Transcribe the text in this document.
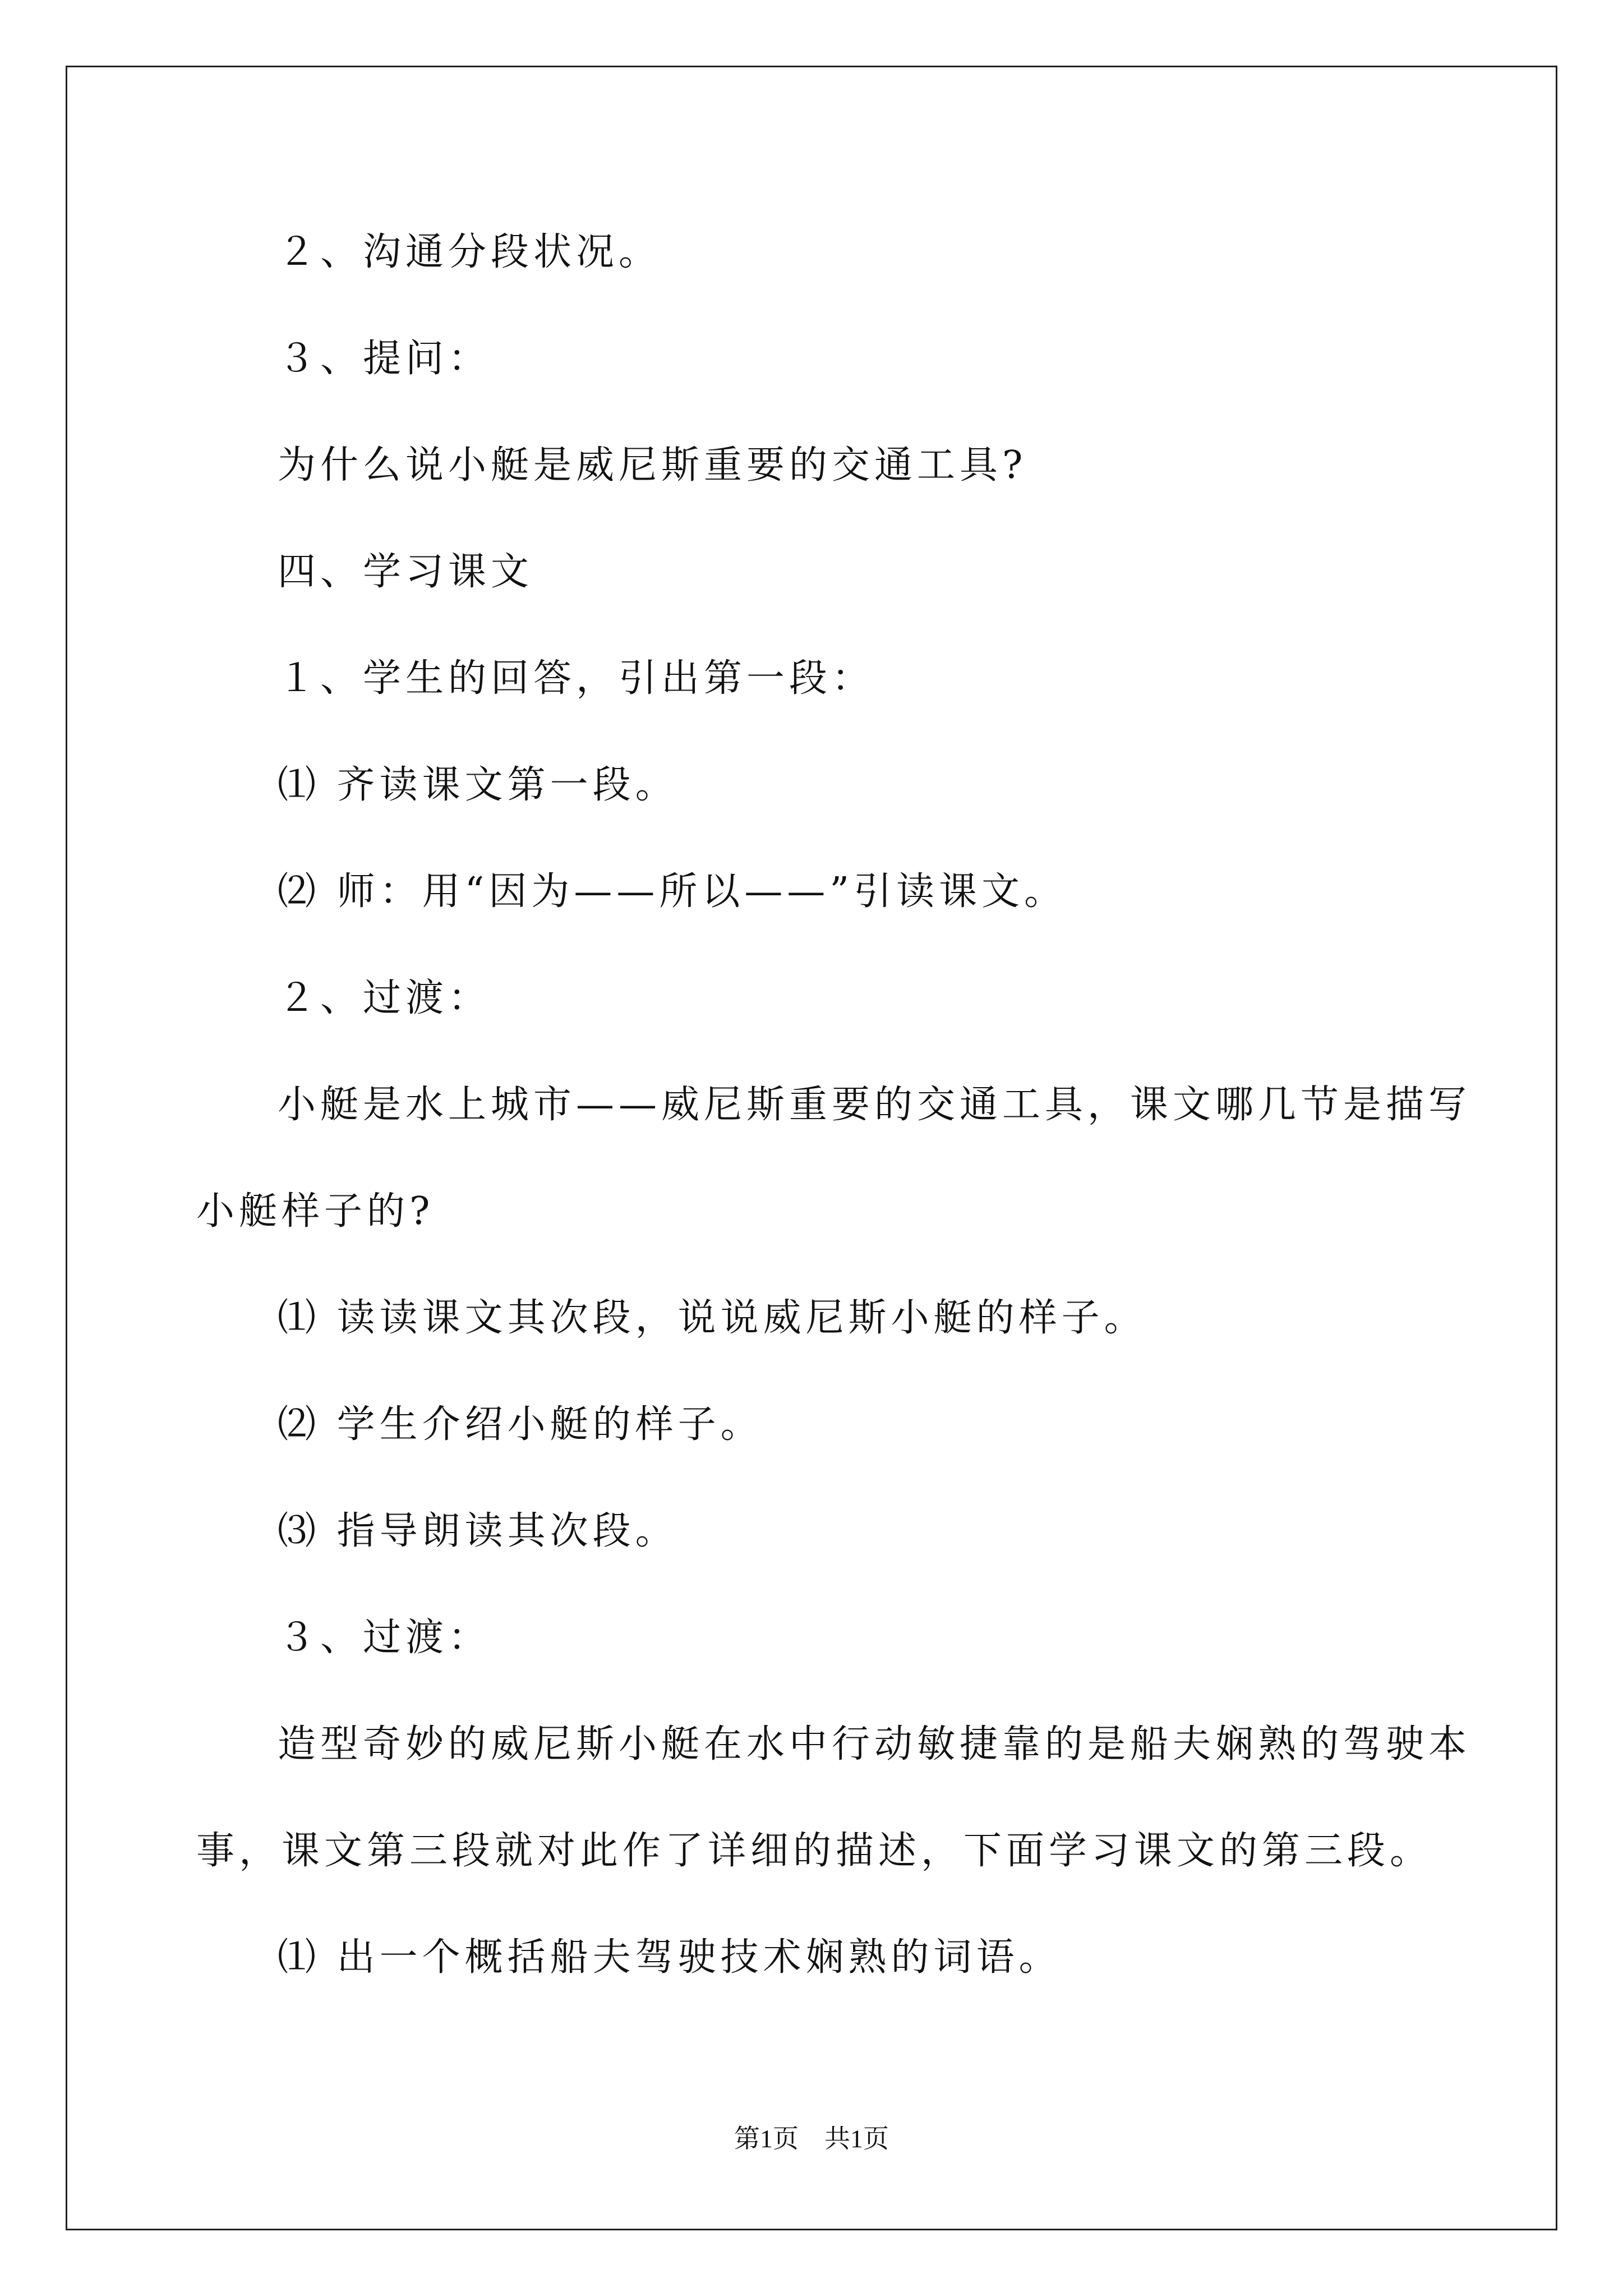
２、沟通分段状况。
３、提问：
为什么说小艇是威尼斯重要的交通工具?
四、学习课文
１、学生的回答，引出第一段：
⑴ 齐读课文第一段。
⑵ 师：用“因为——所以——”引读课文。
２、过渡：
小艇是水上城市——威尼斯重要的交通工具，课文哪几节是描写
小艇样子的?
⑴ 读读课文其次段，说说威尼斯小艇的样子。
⑵ 学生介绍小艇的样子。
⑶ 指导朗读其次段。
３、过渡：
造型奇妙的威尼斯小艇在水中行动敏捷靠的是船夫娴熟的驾驶本
事，课文第三段就对此作了详细的描述，下面学习课文的第三段。
⑴ 出一个概括船夫驾驶技术娴熟的词语。
第1页　共1页
